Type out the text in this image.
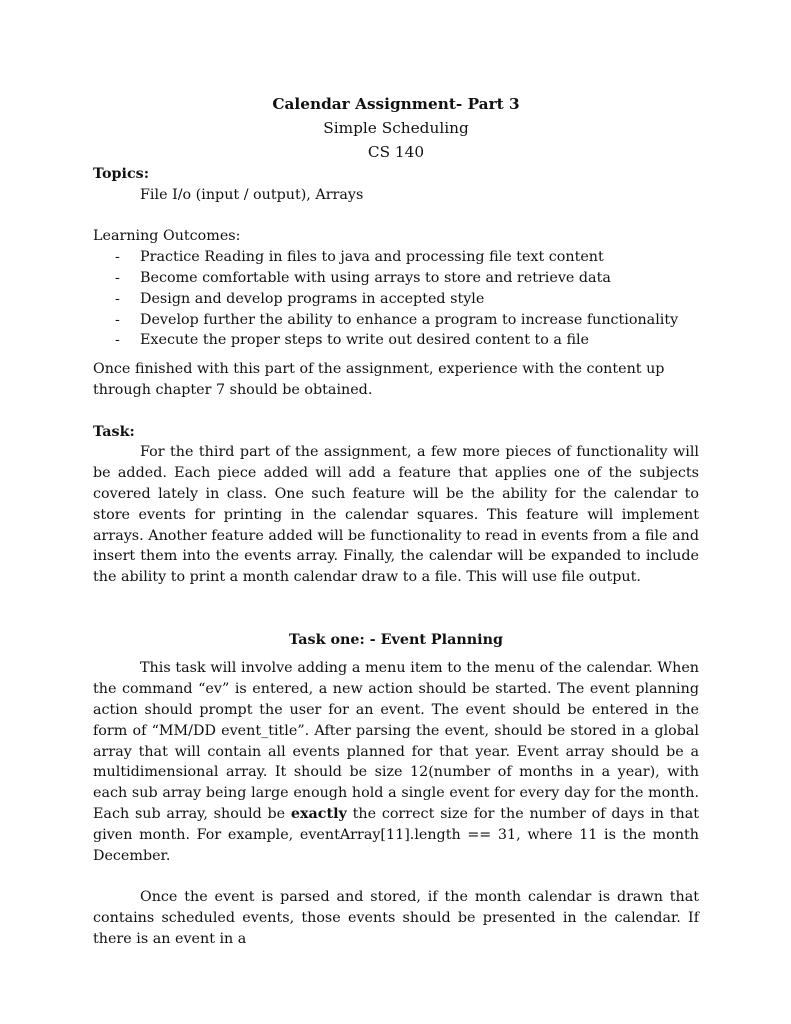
Calendar Assignment- Part 3
Simple Scheduling
CS 140
Topics:
File I/o (input / output), Arrays
Learning Outcomes:
- Practice Reading in files to java and processing file text content
- Become comfortable with using arrays to store and retrieve data
- Design and develop programs in accepted style
- Develop further the ability to enhance a program to increase functionality
- Execute the proper steps to write out desired content to a file
Once finished with this part of the assignment, experience with the content up through chapter 7 should be obtained.
Task:
For the third part of the assignment, a few more pieces of functionality will be added. Each piece added will add a feature that applies one of the subjects covered lately in class. One such feature will be the ability for the calendar to store events for printing in the calendar squares. This feature will implement arrays. Another feature added will be functionality to read in events from a file and insert them into the events array. Finally, the calendar will be expanded to include the ability to print a month calendar draw to a file. This will use file output.
Task one: - Event Planning
This task will involve adding a menu item to the menu of the calendar. When the command “ev” is entered, a new action should be started. The event planning action should prompt the user for an event. The event should be entered in the form of “MM/DD event_title”. After parsing the event, should be stored in a global array that will contain all events planned for that year. Event array should be a multidimensional array. It should be size 12(number of months in a year), with each sub array being large enough hold a single event for every day for the month. Each sub array, should be exactly the correct size for the number of days in that given month. For example, eventArray[11].length == 31, where 11 is the month December.
Once the event is parsed and stored, if the month calendar is drawn that contains scheduled events, those events should be presented in the calendar. If there is an event in a
